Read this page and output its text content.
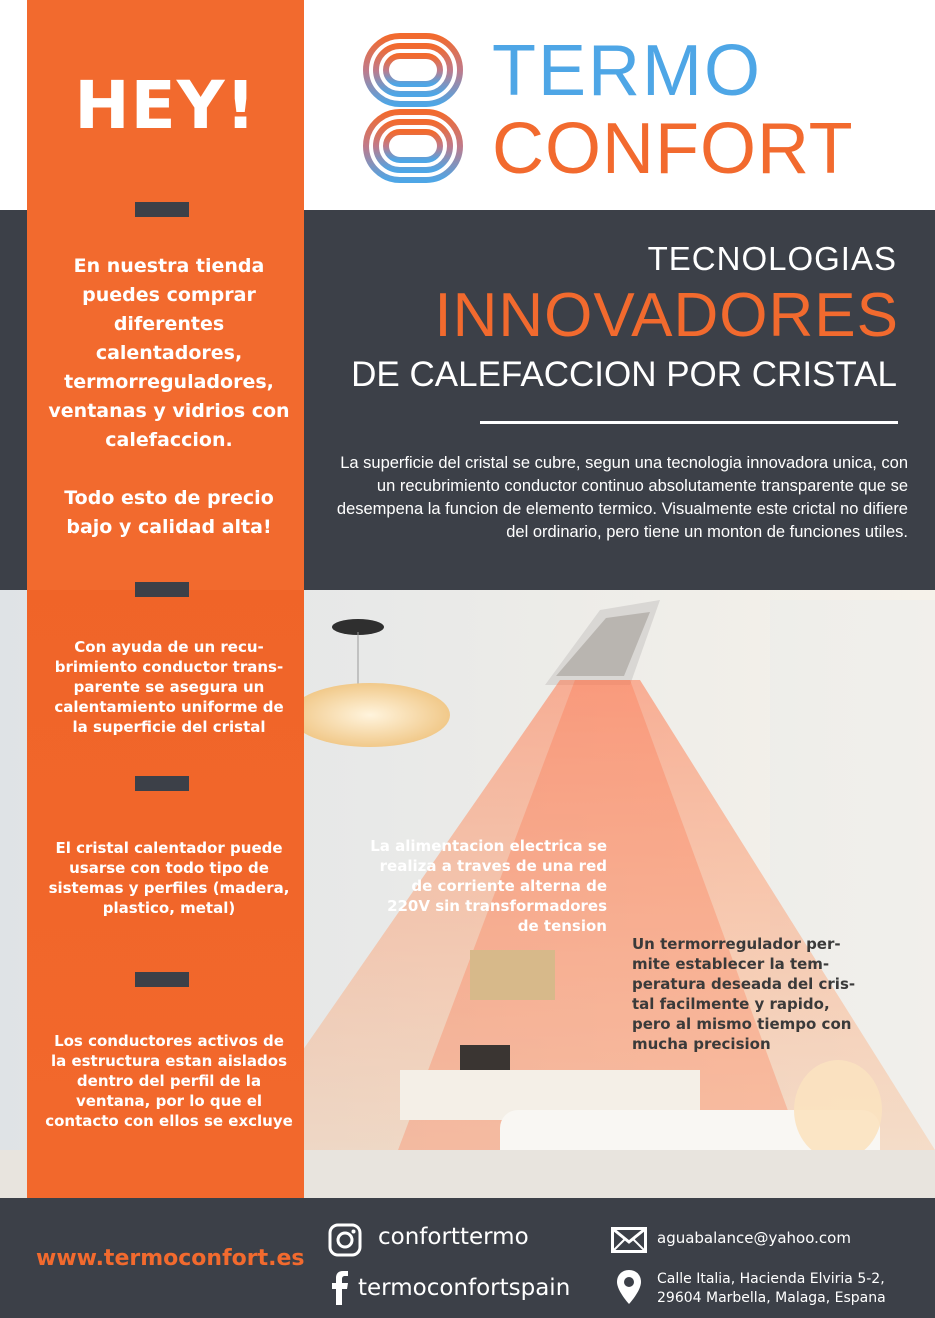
HEY!
En nuestra tienda puedes comprar diferentes calentadores, termorreguladores, ventanas y vidrios con calefaccion.
Todo esto de precio bajo y calidad alta!
Con ayuda de un recu- brimiento conductor trans- parente se asegura un calentamiento uniforme de la superficie del cristal
El cristal calentador puede usarse con todo tipo de sistemas y perfiles (madera, plastico, metal)
Los conductores activos de la estructura estan aislados dentro del perfil de la ventana, por lo que el contacto con ellos se excluye
TERMO
CONFORT
TECNOLOGIAS
INNOVADORES
DE CALEFACCION POR CRISTAL
La superficie del cristal se cubre, segun una tecnologia innovadora unica, con un recubrimiento conductor continuo absolutamente transparente que se desempena la funcion de elemento termico. Visualmente este crictal no difiere del ordinario, pero tiene un monton de funciones utiles.
La alimentacion electrica se realiza a traves de una red de corriente alterna de 220V sin transformadores de tension
Un termorregulador per- mite establecer la tem- peratura deseada del cris- tal facilmente y rapido, pero al mismo tiempo con mucha precision
www.termoconfort.es
conforttermo
termoconfortspain
aguabalance@yahoo.com
Calle Italia, Hacienda Elviria 5-2,
29604 Marbella, Malaga, Espana
